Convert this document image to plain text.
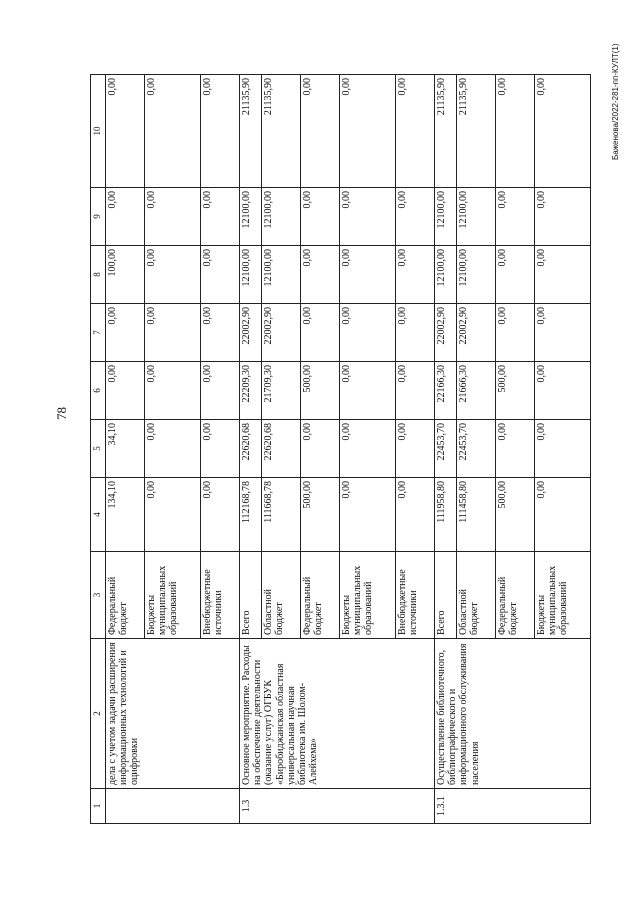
78
1	2	3	4	5	6	7	8	9	10
	дела с учетом задачи расширения информационных технологий и оцифровки	Федеральный бюджет	134,10	34,10	0,00	0,00	100,00	0,00	0,00
		Бюджеты муниципальных образований	0,00	0,00	0,00	0,00	0,00	0,00	0,00
		Внебюджетные источники	0,00	0,00	0,00	0,00	0,00	0,00	0,00
1.3	Основное мероприятие. Расходы на обеспечение деятельности (оказание услуг) ОГБУК «Биробиджанская областная универсальная научная библиотека им. Шолом-Алейхема»	Всего	112168,78	22620,68	22209,30	22002,90	12100,00	12100,00	21135,90
		Областной бюджет	111668,78	22620,68	21709,30	22002,90	12100,00	12100,00	21135,90
		Федеральный бюджет	500,00	0,00	500,00	0,00	0,00	0,00	0,00
		Бюджеты муниципальных образований	0,00	0,00	0,00	0,00	0,00	0,00	0,00
		Внебюджетные источники	0,00	0,00	0,00	0,00	0,00	0,00	0,00
1.3.1	Осуществление библиотечного, библиографического и информационного обслуживания населения	Всего	111958,80	22453,70	22166,30	22002,90	12100,00	12100,00	21135,90
		Областной бюджет	111458,80	22453,70	21666,30	22002,90	12100,00	12100,00	21135,90
		Федеральный бюджет	500,00	0,00	500,00	0,00	0,00	0,00	0,00
		Бюджеты муниципальных образований	0,00	0,00	0,00	0,00	0,00	0,00	0,00	Баженова/2022-281-пп-КУЛТ(1)
